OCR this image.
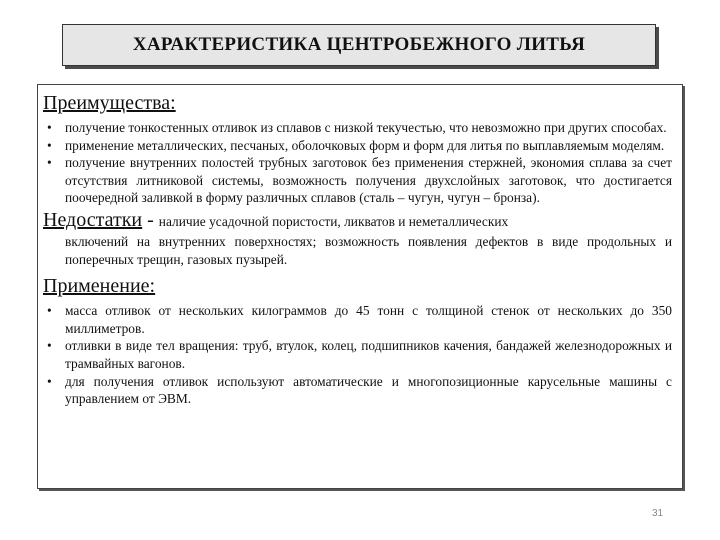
ХАРАКТЕРИСТИКА ЦЕНТРОБЕЖНОГО ЛИТЬЯ
Преимущества:
• получение тонкостенных отливок из сплавов с низкой текучестью, что невозможно при других способах.
• применение металлических, песчаных, оболочковых форм и форм для литья по выплавляемым моделям.
• получение внутренних полостей трубных заготовок без применения стержней, экономия сплава за счет отсутствия литниковой системы, возможность получения двухслойных заготовок, что достигается поочередной заливкой в форму различных сплавов (сталь – чугун, чугун – бронза).
Недостатки - наличие усадочной пористости, ликватов и неметаллических
включений на внутренних поверхностях; возможность появления дефектов в виде продольных и поперечных трещин, газовых пузырей.
Применение:
• масса отливок от нескольких килограммов до 45 тонн с толщиной стенок от нескольких до 350 миллиметров.
• отливки в виде тел вращения: труб, втулок, колец, подшипников качения, бандажей железнодорожных и трамвайных вагонов.
• для получения отливок используют автоматические и многопозиционные карусельные машины с управлением от ЭВМ.
31
